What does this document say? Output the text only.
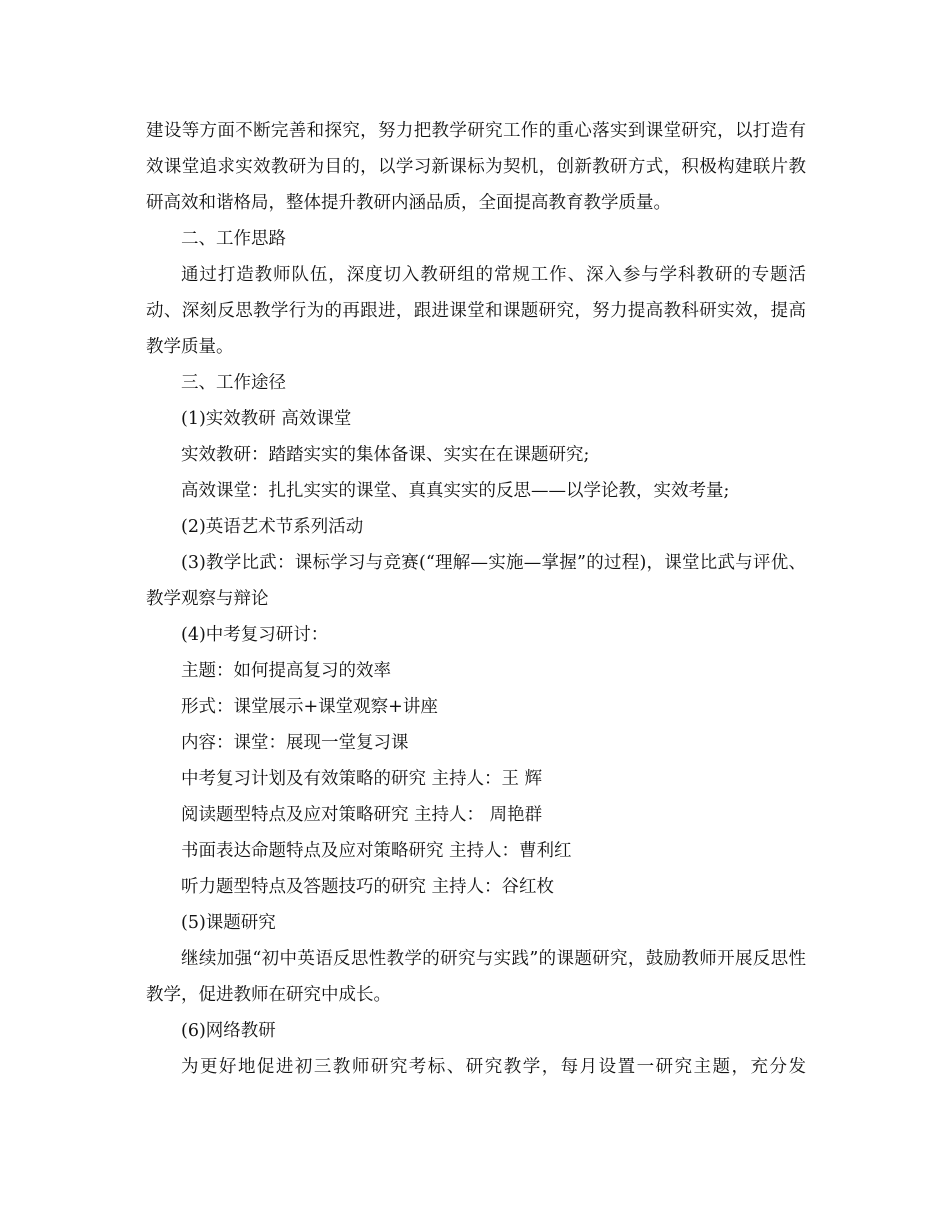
建设等方面不断完善和探究，努力把教学研究工作的重心落实到课堂研究，以打造有效课堂追求实效教研为目的，以学习新课标为契机，创新教研方式，积极构建联片教研高效和谐格局，整体提升教研内涵品质，全面提高教育教学质量。

二、工作思路

通过打造教师队伍，深度切入教研组的常规工作、深入参与学科教研的专题活动、深刻反思教学行为的再跟进，跟进课堂和课题研究，努力提高教科研实效，提高教学质量。

三、工作途径

(1)实效教研 高效课堂

实效教研：踏踏实实的集体备课、实实在在课题研究;

高效课堂：扎扎实实的课堂、真真实实的反思——以学论教，实效考量;

(2)英语艺术节系列活动

(3)教学比武：课标学习与竞赛(“理解—实施—掌握”的过程)，课堂比武与评优、教学观察与辩论

(4)中考复习研讨：

主题：如何提高复习的效率

形式：课堂展示+课堂观察+讲座

内容：课堂：展现一堂复习课

中考复习计划及有效策略的研究 主持人：王 辉

阅读题型特点及应对策略研究 主持人： 周艳群

书面表达命题特点及应对策略研究 主持人：曹利红

听力题型特点及答题技巧的研究 主持人：谷红枚

(5)课题研究

继续加强“初中英语反思性教学的研究与实践”的课题研究，鼓励教师开展反思性教学，促进教师在研究中成长。

(6)网络教研

为更好地促进初三教师研究考标、研究教学，每月设置一研究主题，充分发
